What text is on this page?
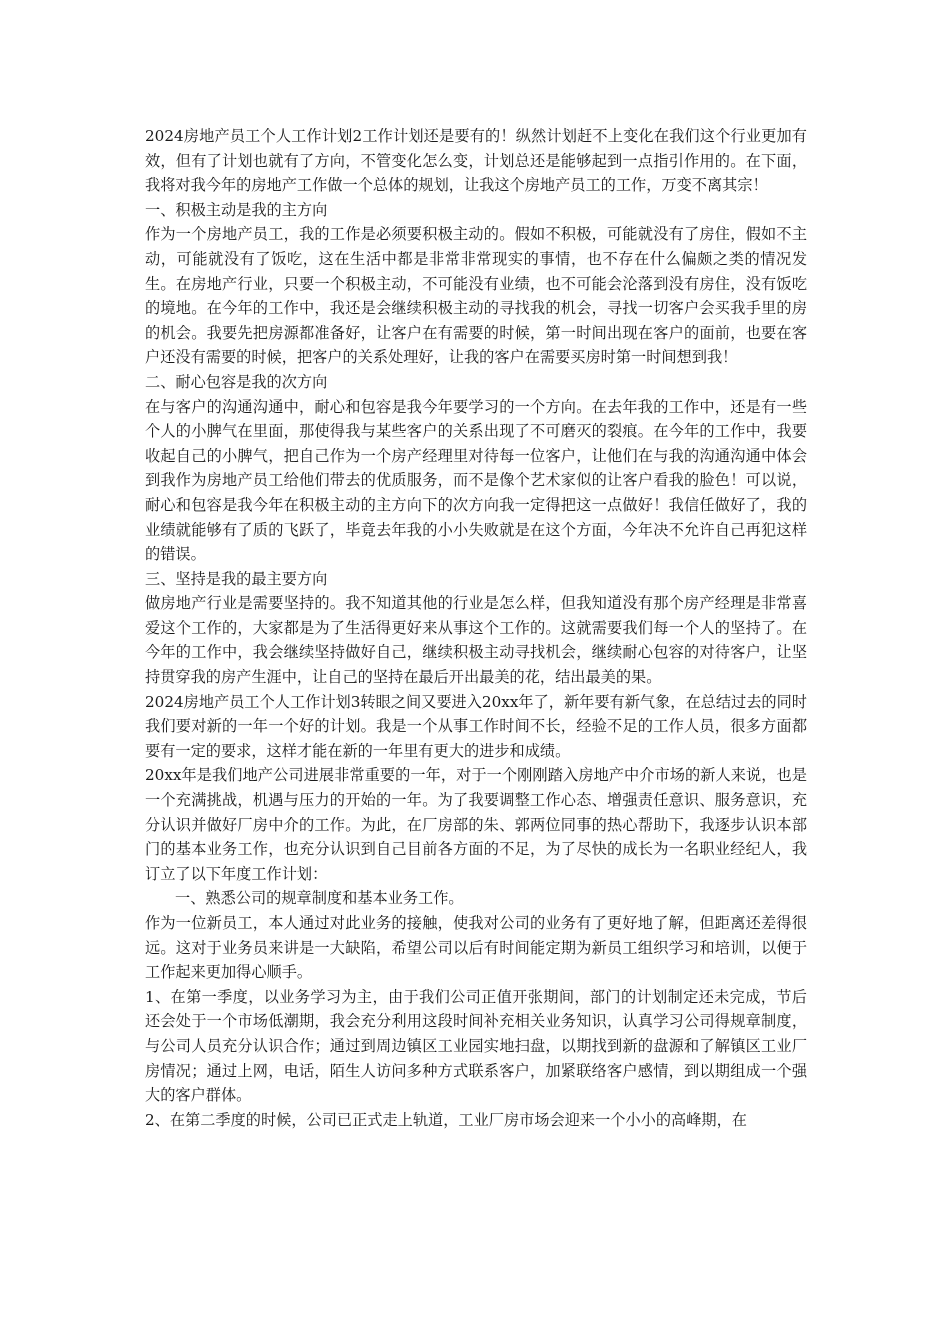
2024房地产员工个人工作计划2工作计划还是要有的！纵然计划赶不上变化在我们这个行业更加有效，但有了计划也就有了方向，不管变化怎么变，计划总还是能够起到一点指引作用的。在下面，我将对我今年的房地产工作做一个总体的规划，让我这个房地产员工的工作，万变不离其宗！

一、积极主动是我的主方向

作为一个房地产员工，我的工作是必须要积极主动的。假如不积极，可能就没有了房住，假如不主动，可能就没有了饭吃，这在生活中都是非常非常现实的事情，也不存在什么偏颇之类的情况发生。在房地产行业，只要一个积极主动，不可能没有业绩，也不可能会沦落到没有房住，没有饭吃的境地。在今年的工作中，我还是会继续积极主动的寻找我的机会，寻找一切客户会买我手里的房的机会。我要先把房源都准备好，让客户在有需要的时候，第一时间出现在客户的面前，也要在客户还没有需要的时候，把客户的关系处理好，让我的客户在需要买房时第一时间想到我！

二、耐心包容是我的次方向

在与客户的沟通沟通中，耐心和包容是我今年要学习的一个方向。在去年我的工作中，还是有一些个人的小脾气在里面，那使得我与某些客户的关系出现了不可磨灭的裂痕。在今年的工作中，我要收起自己的小脾气，把自己作为一个房产经理里对待每一位客户，让他们在与我的沟通沟通中体会到我作为房地产员工给他们带去的优质服务，而不是像个艺术家似的让客户看我的脸色！可以说，耐心和包容是我今年在积极主动的主方向下的次方向我一定得把这一点做好！我信任做好了，我的业绩就能够有了质的飞跃了，毕竟去年我的小小失败就是在这个方面，今年决不允许自己再犯这样的错误。

三、坚持是我的最主要方向

做房地产行业是需要坚持的。我不知道其他的行业是怎么样，但我知道没有那个房产经理是非常喜爱这个工作的，大家都是为了生活得更好来从事这个工作的。这就需要我们每一个人的坚持了。在今年的工作中，我会继续坚持做好自己，继续积极主动寻找机会，继续耐心包容的对待客户，让坚持贯穿我的房产生涯中，让自己的坚持在最后开出最美的花，结出最美的果。

2024房地产员工个人工作计划3转眼之间又要进入20xx年了，新年要有新气象，在总结过去的同时我们要对新的一年一个好的计划。我是一个从事工作时间不长，经验不足的工作人员，很多方面都要有一定的要求，这样才能在新的一年里有更大的进步和成绩。

20xx年是我们地产公司进展非常重要的一年，对于一个刚刚踏入房地产中介市场的新人来说，也是一个充满挑战，机遇与压力的开始的一年。为了我要调整工作心态、增强责任意识、服务意识，充分认识并做好厂房中介的工作。为此，在厂房部的朱、郭两位同事的热心帮助下，我逐步认识本部门的基本业务工作，也充分认识到自己目前各方面的不足，为了尽快的成长为一名职业经纪人，我订立了以下年度工作计划：

一、熟悉公司的规章制度和基本业务工作。

作为一位新员工，本人通过对此业务的接触，使我对公司的业务有了更好地了解，但距离还差得很远。这对于业务员来讲是一大缺陷，希望公司以后有时间能定期为新员工组织学习和培训，以便于工作起来更加得心顺手。

1、在第一季度，以业务学习为主，由于我们公司正值开张期间，部门的计划制定还未完成，节后还会处于一个市场低潮期，我会充分利用这段时间补充相关业务知识，认真学习公司得规章制度，与公司人员充分认识合作；通过到周边镇区工业园实地扫盘，以期找到新的盘源和了解镇区工业厂房情况；通过上网，电话，陌生人访问多种方式联系客户，加紧联络客户感情，到以期组成一个强大的客户群体。

2、在第二季度的时候，公司已正式走上轨道，工业厂房市场会迎来一个小小的高峰期，在
